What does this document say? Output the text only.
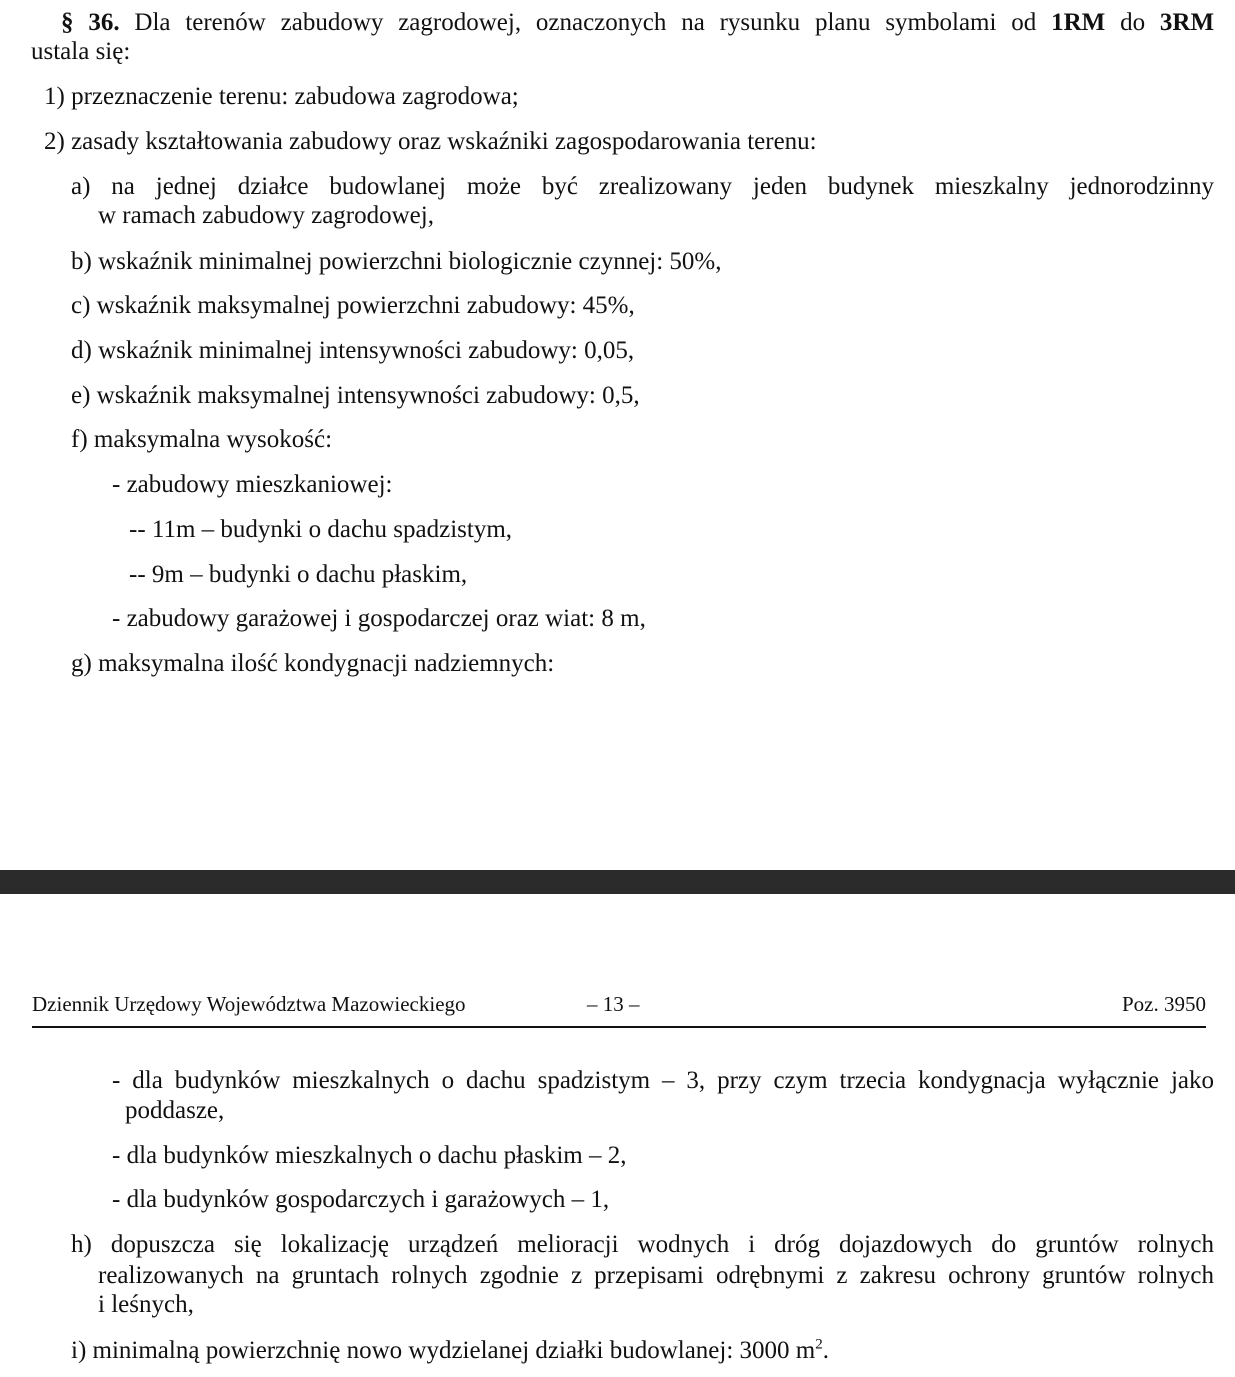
§ 36. Dla terenów zabudowy zagrodowej, oznaczonych na rysunku planu symbolami od 1RM do 3RM
ustala się:
1) przeznaczenie terenu: zabudowa zagrodowa;
2) zasady kształtowania zabudowy oraz wskaźniki zagospodarowania terenu:
a) na jednej działce budowlanej może być zrealizowany jeden budynek mieszkalny jednorodzinny
w ramach zabudowy zagrodowej,
b) wskaźnik minimalnej powierzchni biologicznie czynnej: 50%,
c) wskaźnik maksymalnej powierzchni zabudowy: 45%,
d) wskaźnik minimalnej intensywności zabudowy: 0,05,
e) wskaźnik maksymalnej intensywności zabudowy: 0,5,
f) maksymalna wysokość:
- zabudowy mieszkaniowej:
-- 11m – budynki o dachu spadzistym,
-- 9m – budynki o dachu płaskim,
- zabudowy garażowej i gospodarczej oraz wiat: 8 m,
g) maksymalna ilość kondygnacji nadziemnych:
Dziennik Urzędowy Województwa Mazowieckiego	– 13 –	Poz. 3950
- dla budynków mieszkalnych o dachu spadzistym – 3, przy czym trzecia kondygnacja wyłącznie jako
poddasze,
- dla budynków mieszkalnych o dachu płaskim – 2,
- dla budynków gospodarczych i garażowych – 1,
h) dopuszcza się lokalizację urządzeń melioracji wodnych i dróg dojazdowych do gruntów rolnych
realizowanych na gruntach rolnych zgodnie z przepisami odrębnymi z zakresu ochrony gruntów rolnych
i leśnych,
i) minimalną powierzchnię nowo wydzielanej działki budowlanej: 3000 $m^2$.
